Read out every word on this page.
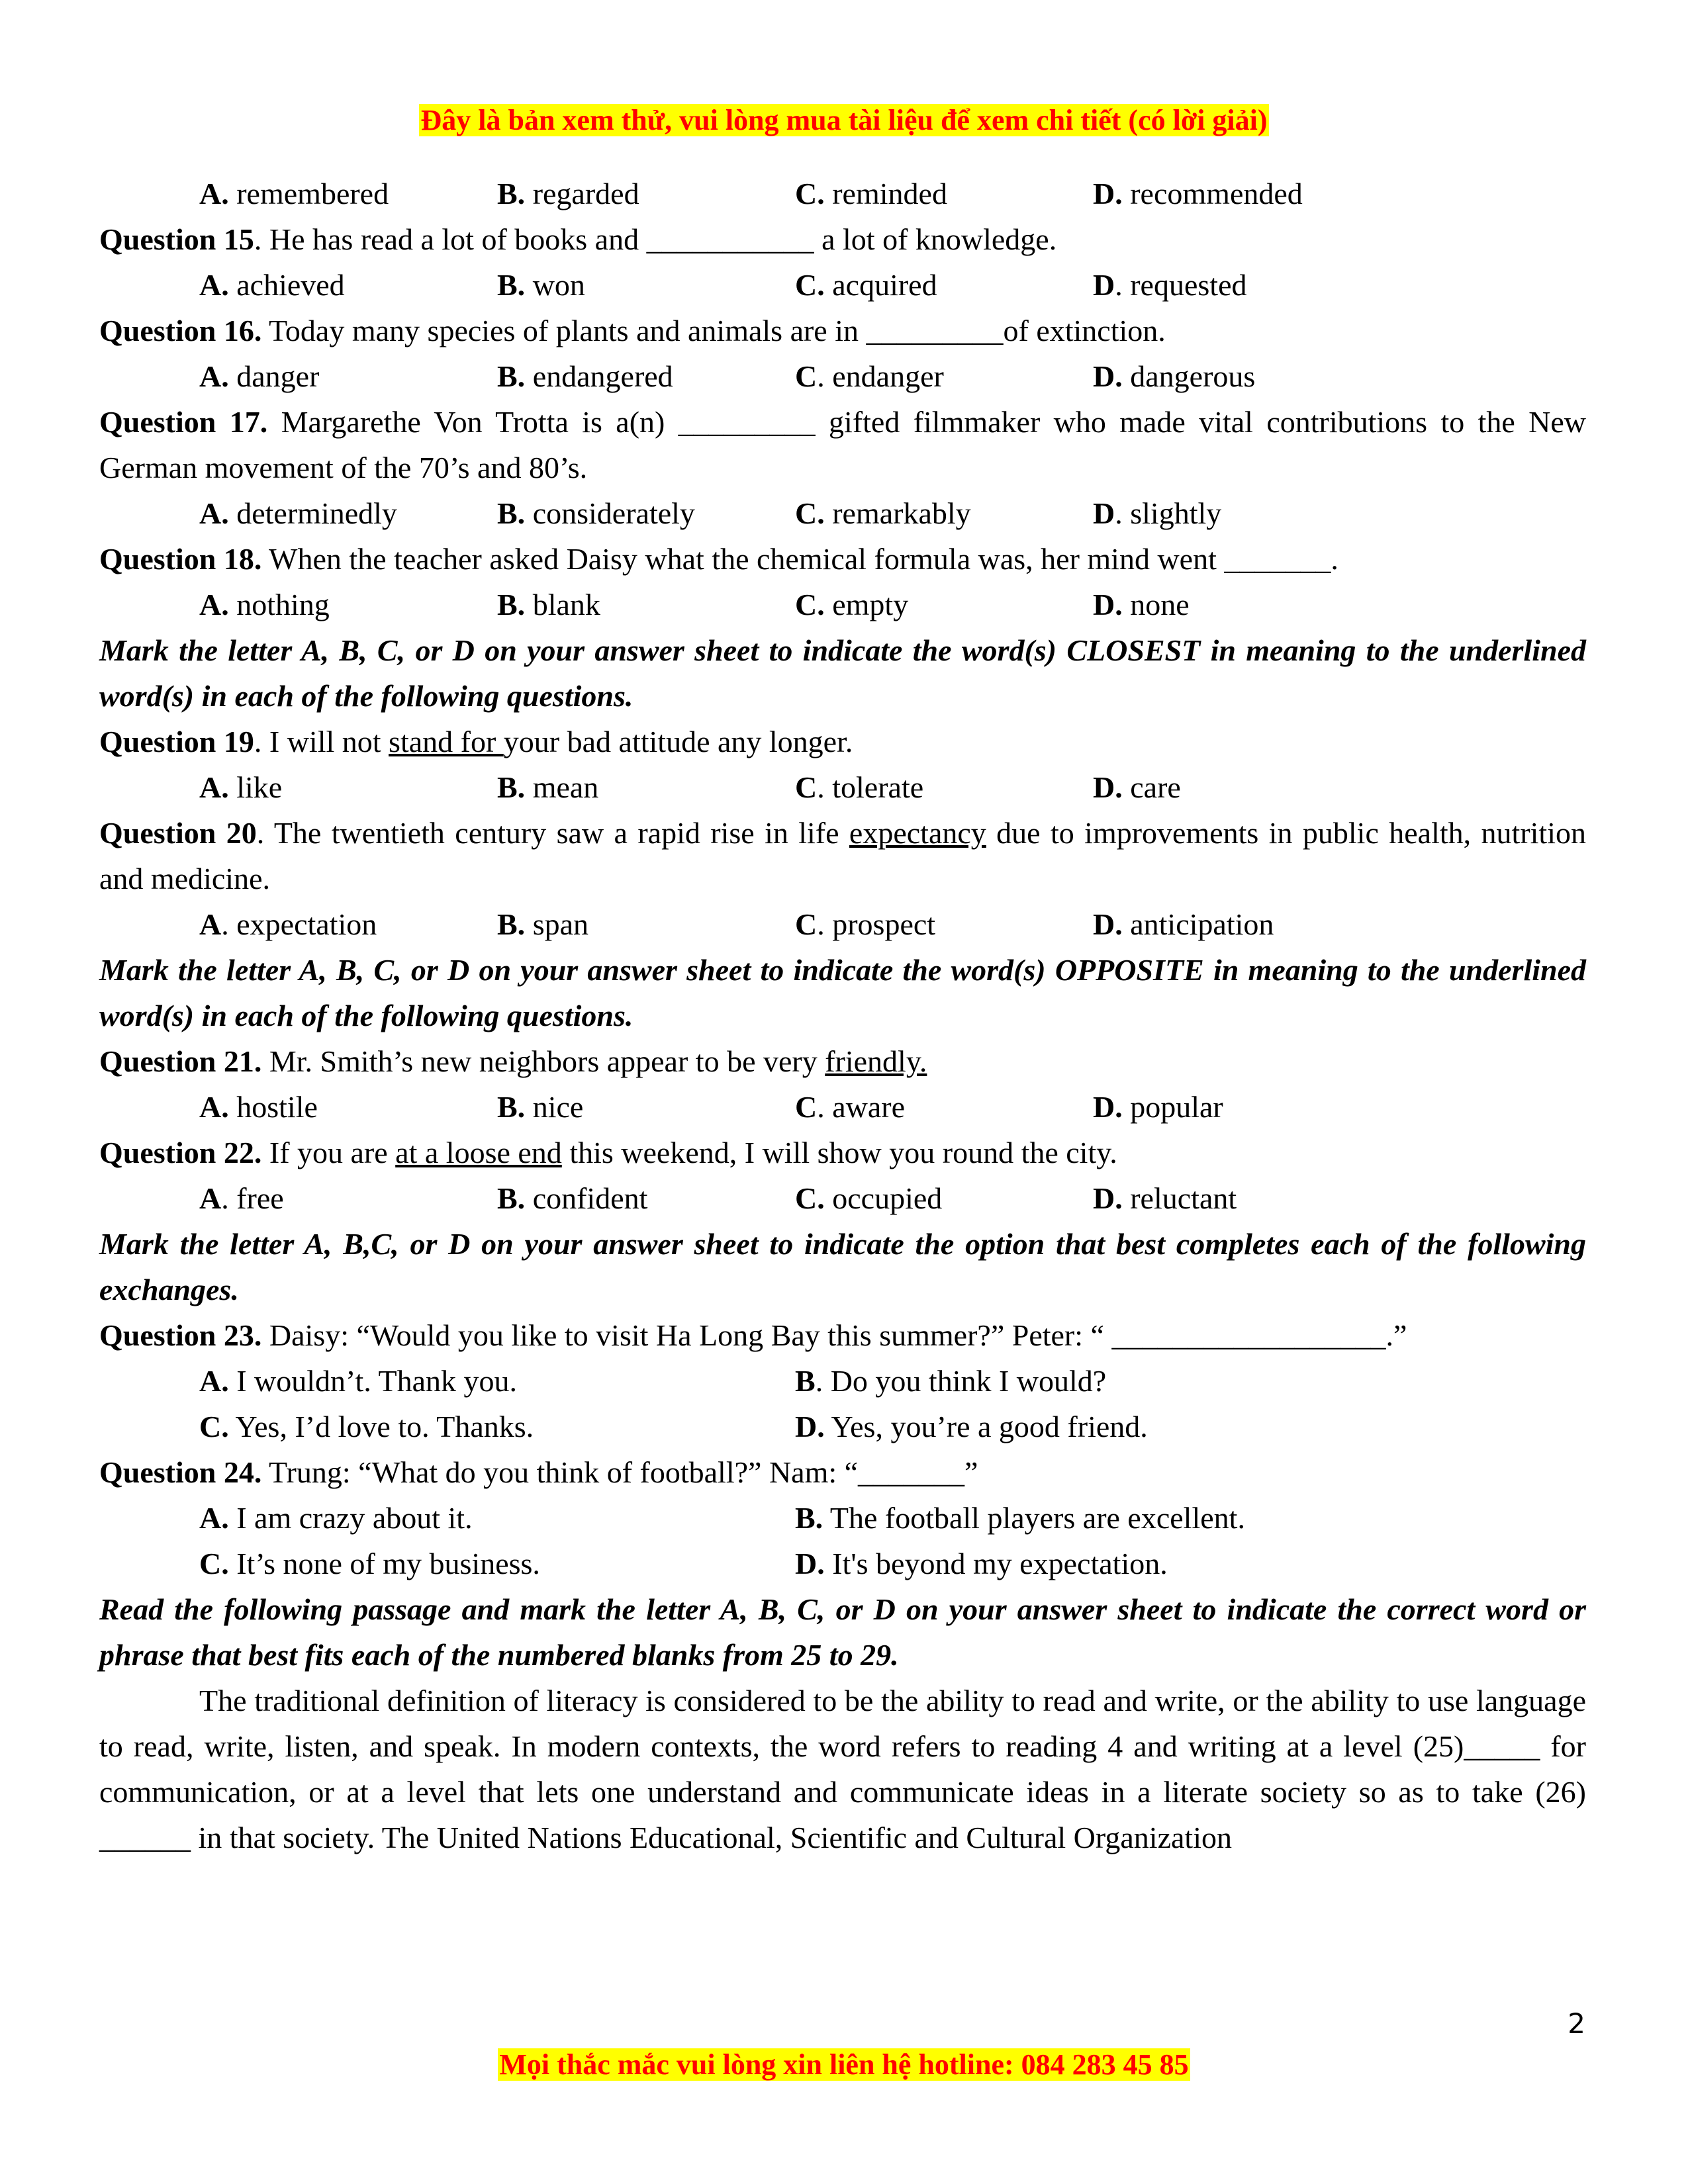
Đây là bản xem thử, vui lòng mua tài liệu để xem chi tiết (có lời giải)
A. remembered	B. regarded	C. reminded	D. recommended
Question 15. He has read a lot of books and ___________ a lot of knowledge.
A. achieved	B. won	C. acquired	D. requested
Question 16. Today many species of plants and animals are in _________of extinction.
A. danger	B. endangered	C. endanger	D. dangerous
Question 17. Margarethe Von Trotta is a(n) _________ gifted filmmaker who made vital contributions to the New German movement of the 70’s and 80’s.
A. determinedly	B. considerately	C. remarkably	D. slightly
Question 18. When the teacher asked Daisy what the chemical formula was, her mind went _______.
A. nothing	B. blank	C. empty	D. none
Mark the letter A, B, C, or D on your answer sheet to indicate the word(s) CLOSEST in meaning to the underlined word(s) in each of the following questions.
Question 19. I will not stand for your bad attitude any longer.
A. like	B. mean	C. tolerate	D. care
Question 20. The twentieth century saw a rapid rise in life expectancy due to improvements in public health, nutrition and medicine.
A. expectation	B. span	C. prospect	D. anticipation
Mark the letter A, B, C, or D on your answer sheet to indicate the word(s) OPPOSITE in meaning to the underlined word(s) in each of the following questions.
Question 21. Mr. Smith’s new neighbors appear to be very friendly.
A. hostile	B. nice	C. aware	D. popular
Question 22. If you are at a loose end this weekend, I will show you round the city.
A. free	B. confident	C. occupied	D. reluctant
Mark the letter A, B,C, or D on your answer sheet to indicate the option that best completes each of the following exchanges.
Question 23. Daisy: “Would you like to visit Ha Long Bay this summer?” Peter: “ __________________.”
A. I wouldn’t. Thank you.	B. Do you think I would?
C. Yes, I’d love to. Thanks.	D. Yes, you’re a good friend.
Question 24. Trung: “What do you think of football?” Nam: “_______”
A. I am crazy about it.	B. The football players are excellent.
C. It’s none of my business.	D. It's beyond my expectation.
Read the following passage and mark the letter A, B, C, or D on your answer sheet to indicate the correct word or phrase that best fits each of the numbered blanks from 25 to 29.
The traditional definition of literacy is considered to be the ability to read and write, or the ability to use language to read, write, listen, and speak. In modern contexts, the word refers to reading 4 and writing at a level (25)_____ for communication, or at a level that lets one understand and communicate ideas in a literate society so as to take (26) ______ in that society. The United Nations Educational, Scientific and Cultural Organization
2
Mọi thắc mắc vui lòng xin liên hệ hotline: 084 283 45 85
